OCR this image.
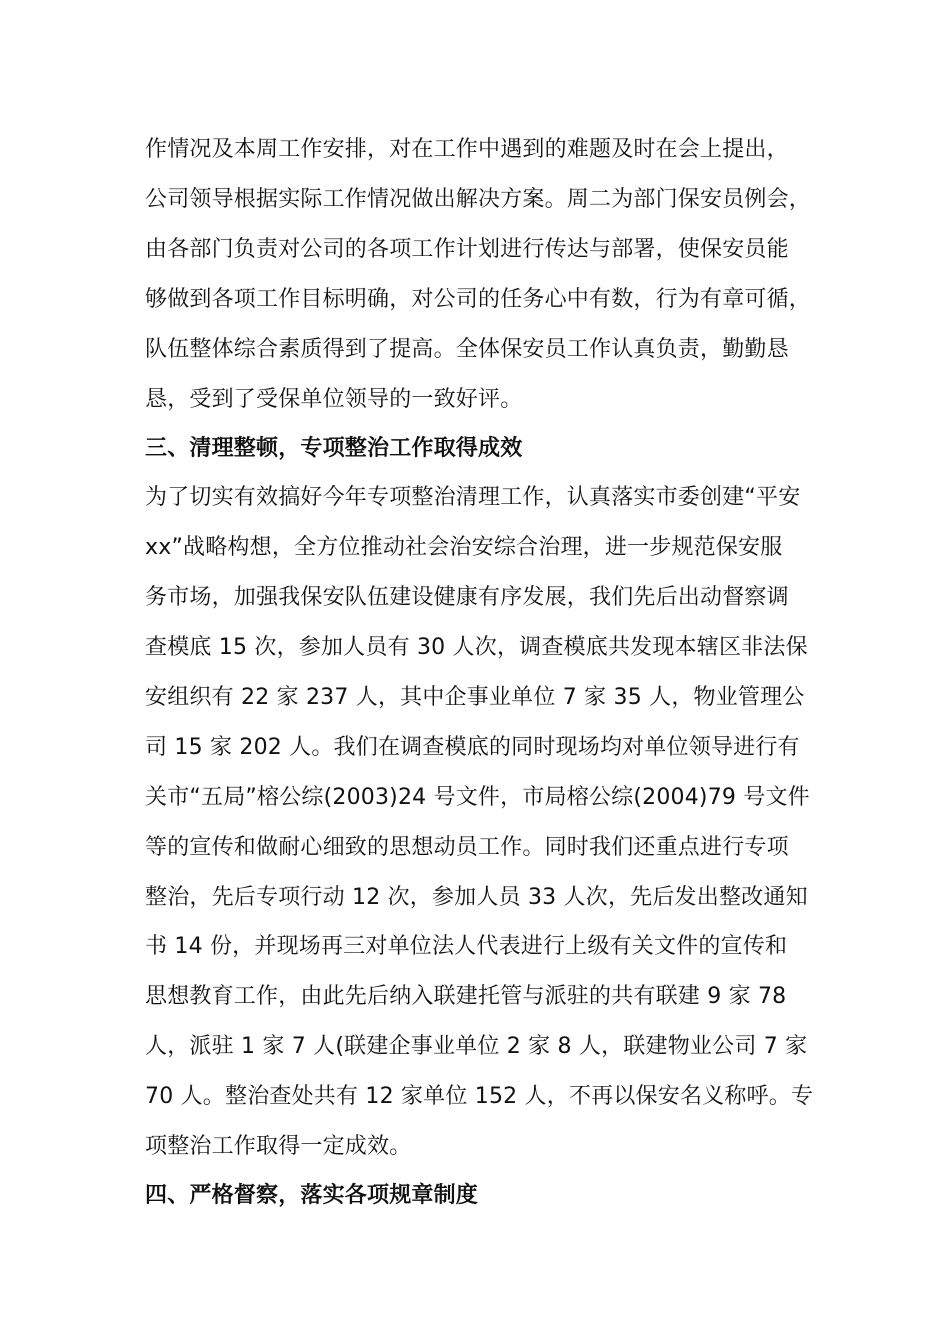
作情况及本周工作安排，对在工作中遇到的难题及时在会上提出，
公司领导根据实际工作情况做出解决方案。周二为部门保安员例会，
由各部门负责对公司的各项工作计划进行传达与部署，使保安员能
够做到各项工作目标明确，对公司的任务心中有数，行为有章可循，
队伍整体综合素质得到了提高。全体保安员工作认真负责，勤勤恳
恳，受到了受保单位领导的一致好评。
三、清理整顿，专项整治工作取得成效
为了切实有效搞好今年专项整治清理工作，认真落实市委创建“平安
xx”战略构想，全方位推动社会治安综合治理，进一步规范保安服
务市场，加强我保安队伍建设健康有序发展，我们先后出动督察调
查模底 15 次，参加人员有 30 人次，调查模底共发现本辖区非法保
安组织有 22 家 237 人，其中企事业单位 7 家 35 人，物业管理公
司 15 家 202 人。我们在调查模底的同时现场均对单位领导进行有
关市“五局”榕公综(2003)24 号文件，市局榕公综(2004)79 号文件
等的宣传和做耐心细致的思想动员工作。同时我们还重点进行专项
整治，先后专项行动 12 次，参加人员 33 人次，先后发出整改通知
书 14 份，并现场再三对单位法人代表进行上级有关文件的宣传和
思想教育工作，由此先后纳入联建托管与派驻的共有联建 9 家 78
人，派驻 1 家 7 人(联建企事业单位 2 家 8 人，联建物业公司 7 家
70 人。整治查处共有 12 家单位 152 人，不再以保安名义称呼。专
项整治工作取得一定成效。
四、严格督察，落实各项规章制度
